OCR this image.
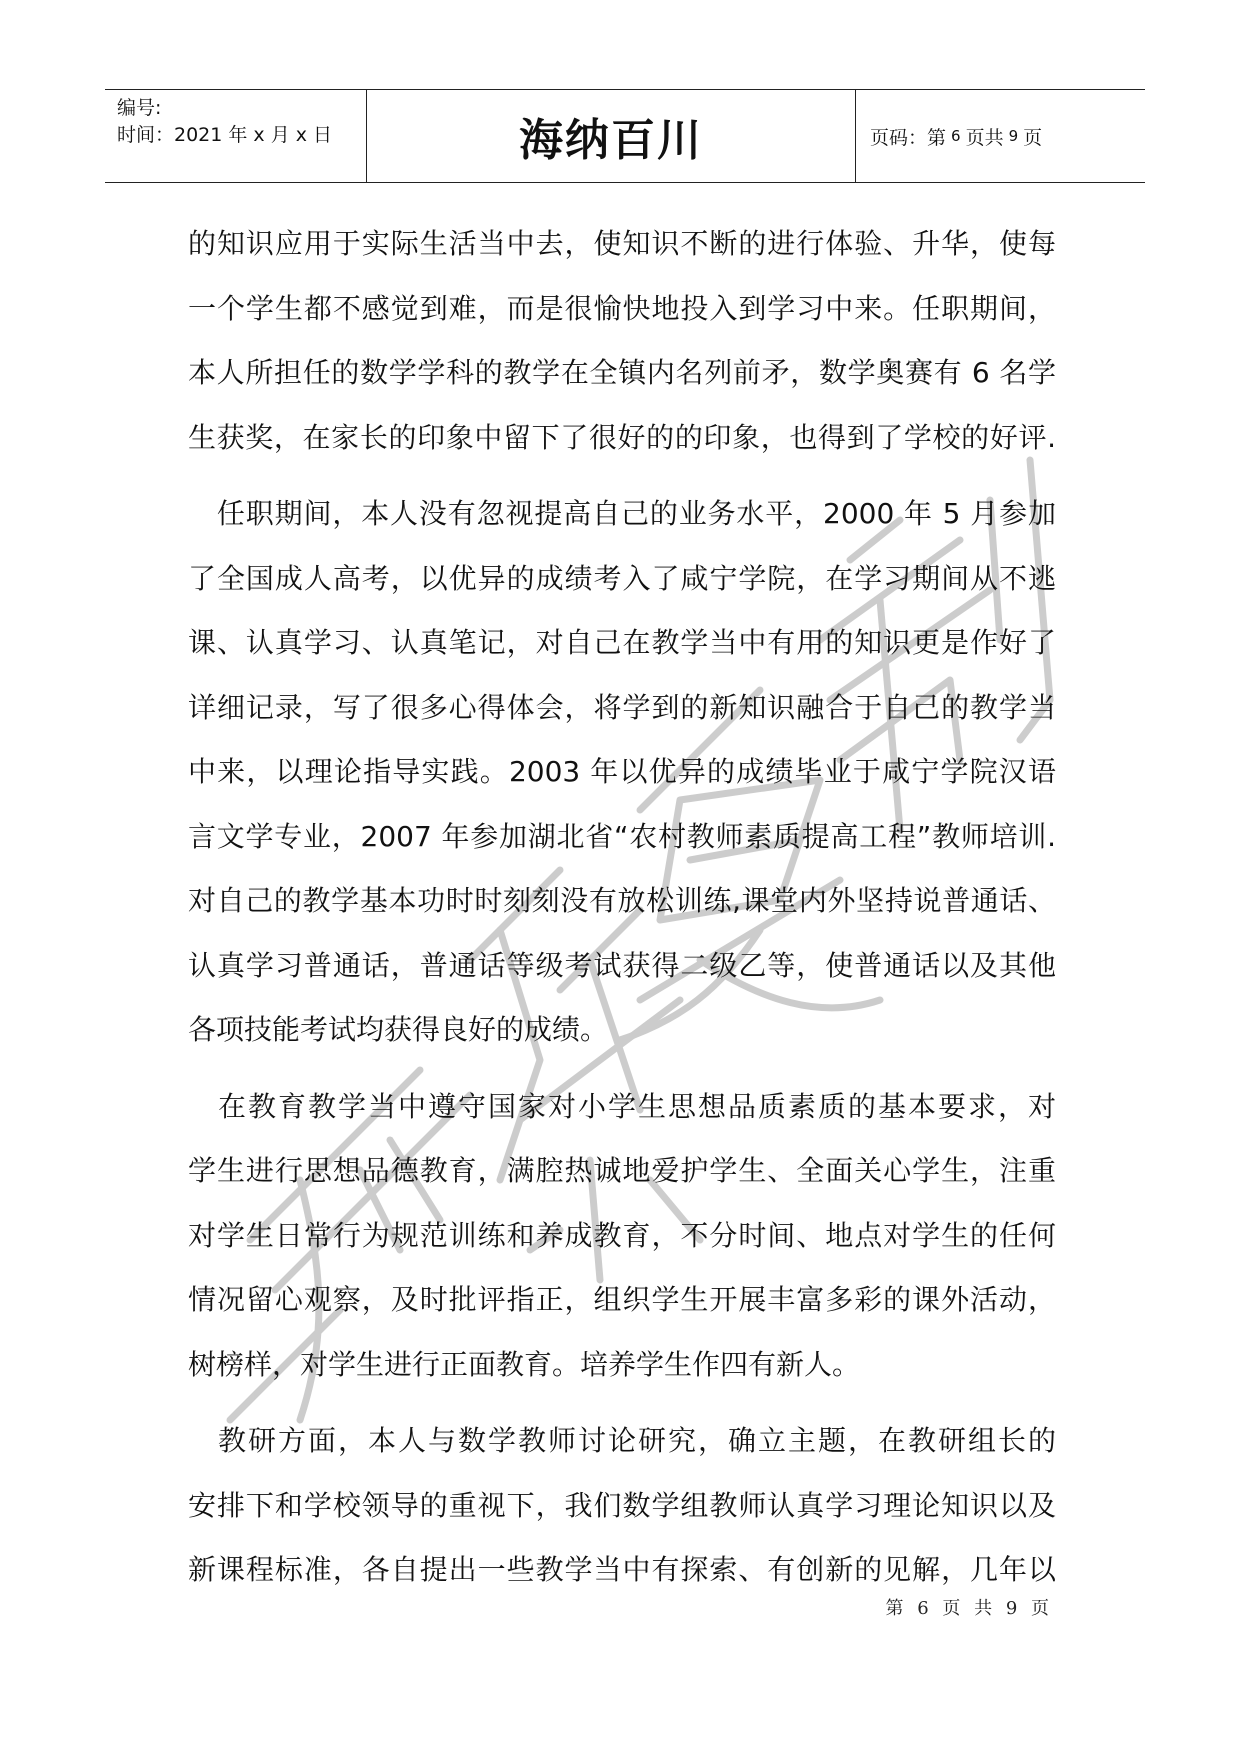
编号:
时间：2021 年 x 月 x 日	海纳百川	页码：第 6 页共 9 页
的知识应用于实际生活当中去，使知识不断的进行体验、升华，使每
一个学生都不感觉到难，而是很愉快地投入到学习中来。任职期间，
本人所担任的数学学科的教学在全镇内名列前矛，数学奥赛有 6 名学
生获奖，在家长的印象中留下了很好的的印象，也得到了学校的好评.
　任职期间，本人没有忽视提高自己的业务水平，2000 年 5 月参加
了全国成人高考，以优异的成绩考入了咸宁学院，在学习期间从不逃
课、认真学习、认真笔记，对自己在教学当中有用的知识更是作好了
详细记录，写了很多心得体会，将学到的新知识融合于自己的教学当
中来，以理论指导实践。2003 年以优异的成绩毕业于咸宁学院汉语
言文学专业，2007 年参加湖北省“农村教师素质提高工程”教师培训.
对自己的教学基本功时时刻刻没有放松训练,课堂内外坚持说普通话、
认真学习普通话，普通话等级考试获得二级乙等，使普通话以及其他
各项技能考试均获得良好的成绩。
　在教育教学当中遵守国家对小学生思想品质素质的基本要求，对
学生进行思想品德教育，满腔热诚地爱护学生、全面关心学生，注重
对学生日常行为规范训练和养成教育，不分时间、地点对学生的任何
情况留心观察，及时批评指正，组织学生开展丰富多彩的课外活动，
树榜样，对学生进行正面教育。培养学生作四有新人。
　教研方面，本人与数学教师讨论研究，确立主题，在教研组长的
安排下和学校领导的重视下，我们数学组教师认真学习理论知识以及
新课程标准，各自提出一些教学当中有探索、有创新的见解，几年以
第 6 页 共 9 页
